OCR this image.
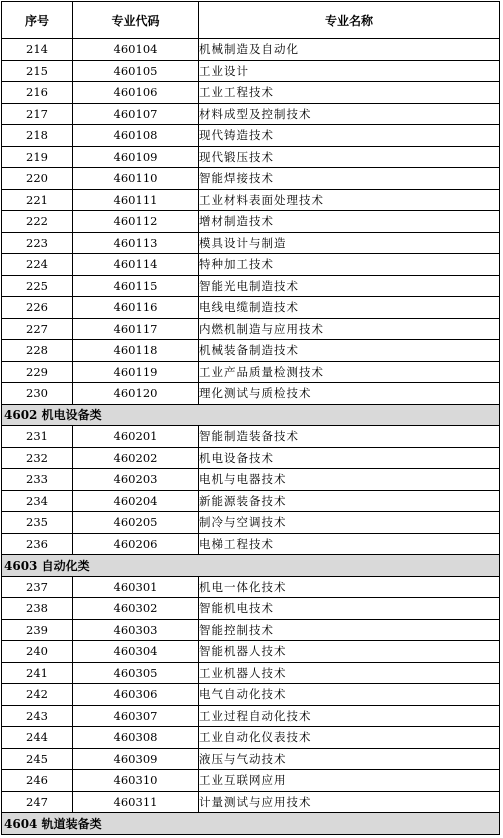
序号	专业代码	专业名称
214	460104	机械制造及自动化
215	460105	工业设计
216	460106	工业工程技术
217	460107	材料成型及控制技术
218	460108	现代铸造技术
219	460109	现代锻压技术
220	460110	智能焊接技术
221	460111	工业材料表面处理技术
222	460112	增材制造技术
223	460113	模具设计与制造
224	460114	特种加工技术
225	460115	智能光电制造技术
226	460116	电线电缆制造技术
227	460117	内燃机制造与应用技术
228	460118	机械装备制造技术
229	460119	工业产品质量检测技术
230	460120	理化测试与质检技术
4602 机电设备类		
231	460201	智能制造装备技术
232	460202	机电设备技术
233	460203	电机与电器技术
234	460204	新能源装备技术
235	460205	制冷与空调技术
236	460206	电梯工程技术
4603 自动化类		
237	460301	机电一体化技术
238	460302	智能机电技术
239	460303	智能控制技术
240	460304	智能机器人技术
241	460305	工业机器人技术
242	460306	电气自动化技术
243	460307	工业过程自动化技术
244	460308	工业自动化仪表技术
245	460309	液压与气动技术
246	460310	工业互联网应用
247	460311	计量测试与应用技术
4604 轨道装备类		
